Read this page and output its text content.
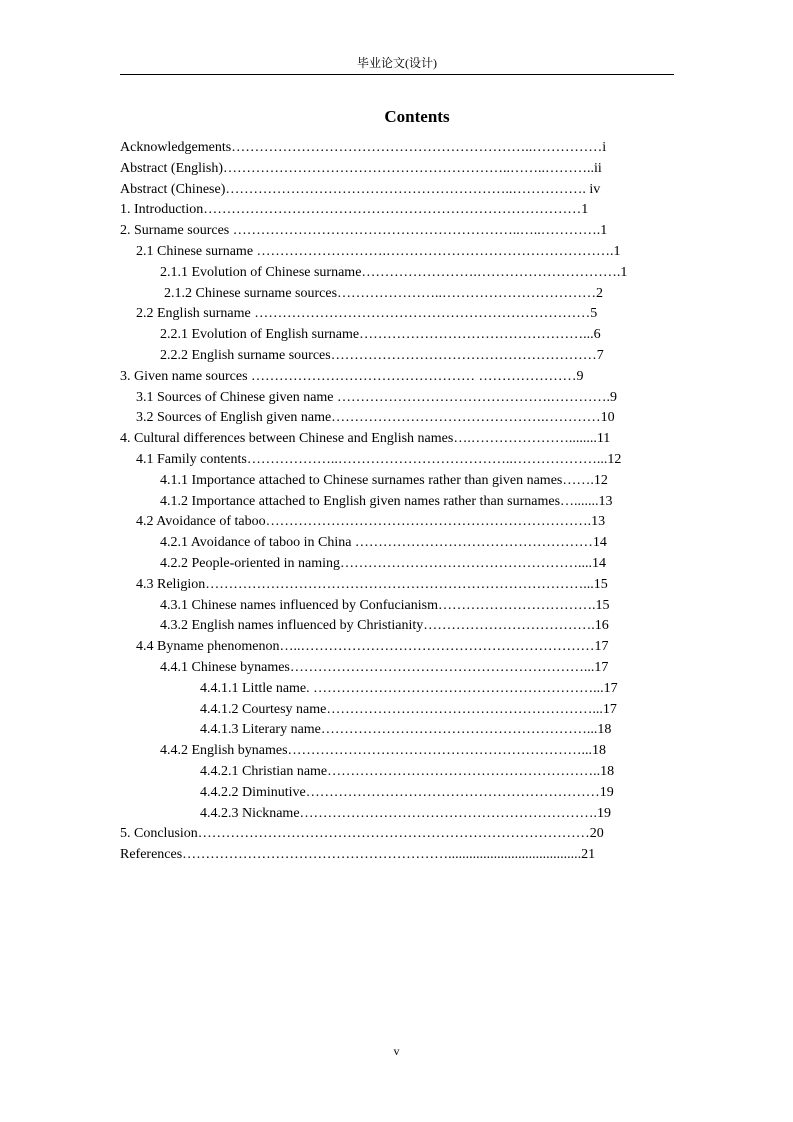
毕业论文(设计)
Contents
Acknowledgements………………………………………………………..……………i
Abstract (English)……………………………………………………..……..………..ii
Abstract (Chinese)……………………………………………………..……………. iv
1. Introduction………………………………………………………………………1
2. Surname sources ……………………………………………………..…..………….1
2.1 Chinese surname ……………………….………………………………………….1
2.1.1 Evolution of Chinese surname…………………….………………………….1
2.1.2 Chinese surname sources…………………..……………………………2
2.2 English surname ………………………………………………………………5
2.2.1 Evolution of English surname…………………………………………...6
2.2.2 English surname sources…………………………………………………7
3. Given name sources ………………………………………… …………………9
3.1 Sources of Chinese given name ……………………………………….………….9
3.2 Sources of English given name……………………………………….…………10
4. Cultural differences between Chinese and English names….…………………........11
4.1 Family contents………………..………………………………..………………...12
4.1.1 Importance attached to Chinese surnames rather than given names…….12
4.1.2 Importance attached to English given names rather than surnames….......13
4.2 Avoidance of taboo…………………………………………………………….13
4.2.1 Avoidance of taboo in China ……………………………………………14
4.2.2 People-oriented in naming……………………………………………....14
4.3 Religion………………………………………………………………………...15
4.3.1 Chinese names influenced by Confucianism…………………………….15
4.3.2 English names influenced by Christianity……………………………….16
4.4 Byname phenomenon…..………………………………………………………17
4.4.1 Chinese bynames………………………………………………………...17
4.4.1.1 Little name. ……………………………………………………...17
4.4.1.2 Courtesy name…………………………………………………...17
4.4.1.3 Literary name…………………………………………………...18
4.4.2 English bynames………………………………………………………...18
4.4.2.1 Christian name…………………………………………………..18
4.4.2.2 Diminutive………………………………………………………19
4.4.2.3 Nickname……………………………………………………….19
5. Conclusion…………………………………………………………………………20
References…………………………………………………......................................21
v
